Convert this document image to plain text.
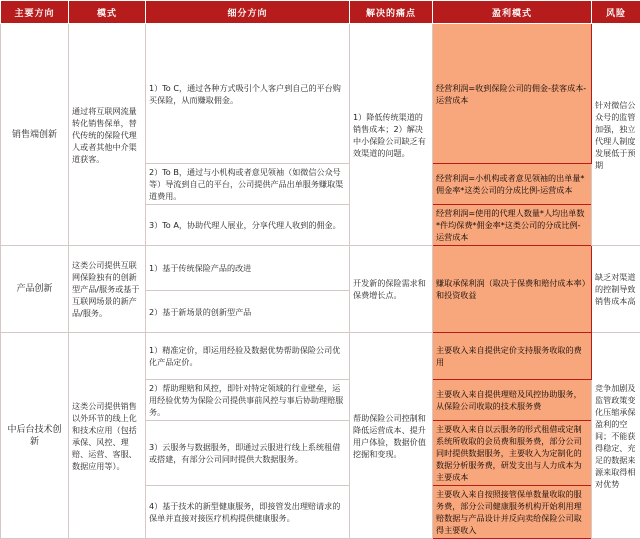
主要方向	模式	细分方向	解决的痛点	盈利模式	风险
销售端创新	通过将互联网流量转化销售保单，替代传统的保险代理人或者其他中介渠道获客。	1）To C，通过各种方式吸引个人客户到自己的平台购买保险，从而赚取佣金。	1）降低传统渠道的销售成本；2）解决中小保险公司缺乏有效渠道的问题。	经营利润=收到保险公司的佣金-获客成本-运营成本	针对微信公众号的监管加强，独立代理人制度发展低于预期
		2）To B，通过与小机构或者意见领袖（如微信公众号等）导流到自己的平台，公司提供产品出单服务赚取渠道费用。		经营利润=小机构或者意见领袖的出单量*佣金率*这类公司的分成比例-运营成本	
		3）To A，协助代理人展业，分享代理人收到的佣金。		经营利润=使用的代理人数量*人均出单数*件均保费*佣金率*这类公司的分成比例-运营成本	
产品创新	这类公司提供互联网保险独有的创新型产品/服务或基于互联网场景的新产品/服务。	1）基于传统保险产品的改进	开发新的保险需求和保费增长点。	赚取承保利润（取决于保费和赔付成本率）和投资收益	缺乏对渠道的控制导致销售成本高
		2）基于新场景的创新型产品			
中后台技术创新	这类公司提供销售以外环节的线上化和技术应用（包括承保、风控、理赔、运营、客服、数据应用等）。	1）精准定价，即运用经验及数据优势帮助保险公司优化产品定价。	帮助保险公司控制和降低运营成本、提升用户体验，数据价值挖掘和变现。	主要收入来自提供定价支持服务收取的费用	竞争加剧及监管政策变化压缩承保盈利的空间；不能获得稳定、充足的数据来源来取得相对优势
		2）帮助理赔和风控，即针对特定领域的行业壁垒，运用经验优势为保险公司提供事前风控与事后协助理赔服务。		主要收入来自提供理赔及风控协助服务，从保险公司收取的技术服务费	
		3）云服务与数据服务，即通过云服进行线上系统租借或搭建，有部分公司同时提供大数据服务。		主要收入来自以云服务的形式租借或定制系统所收取的会员费和服务费，部分公司同时提供数据服务，主要收入为定制化的数据分析服务费，研发支出与人力成本为主要成本	
		4）基于技术的新型健康服务，即接管发出理赔请求的保单并直接对接医疗机构提供健康服务。		主要收入来自按照接管保单数量收取的服务费，部分公司健康服务机构开始利用理赔数据与产品设计并反向卖给保险公司取得主要收入	
